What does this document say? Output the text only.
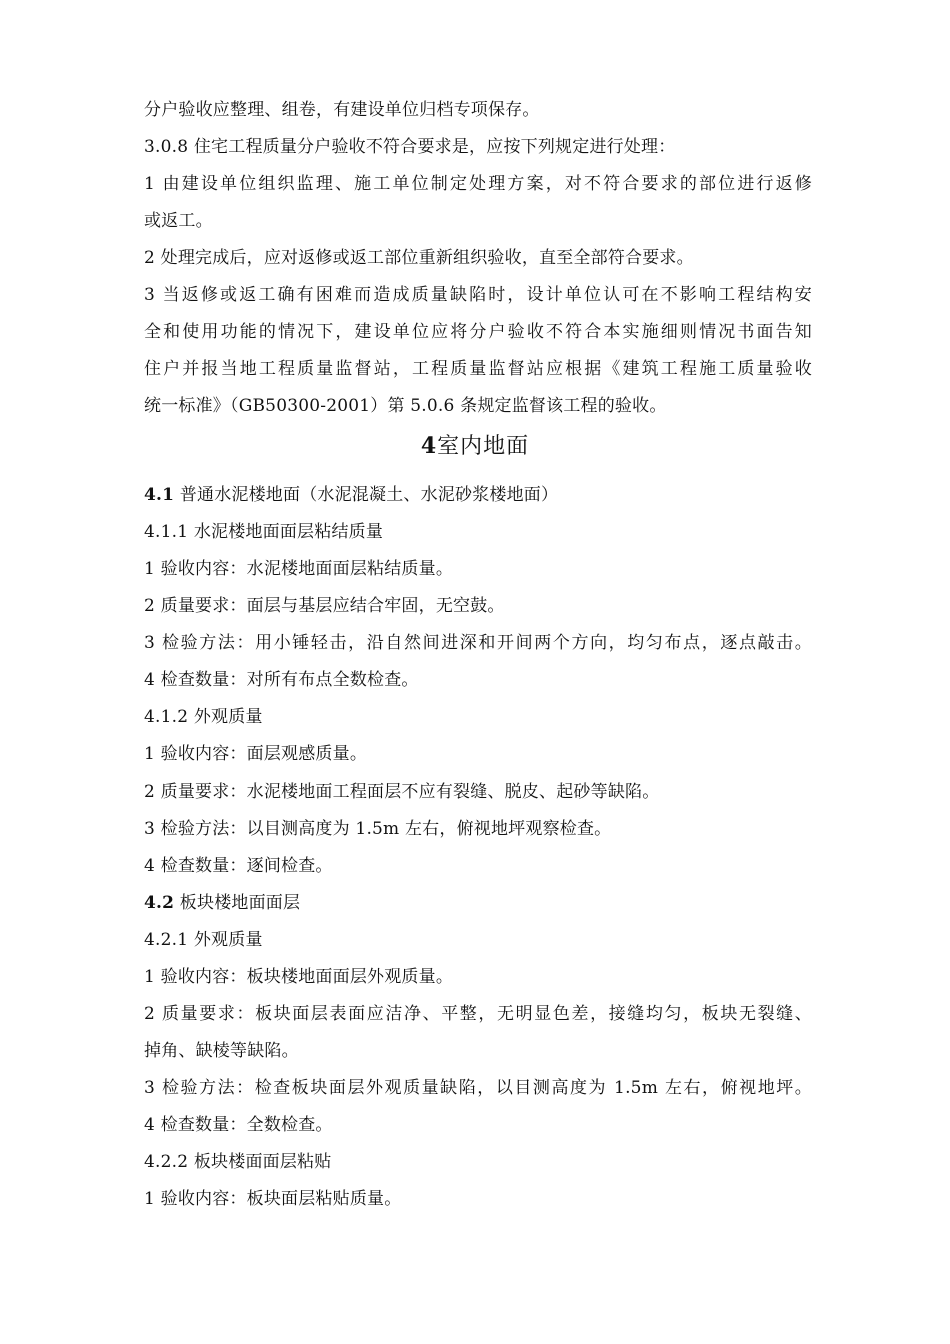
分户验收应整理、组卷，有建设单位归档专项保存。
3.0.8 住宅工程质量分户验收不符合要求是，应按下列规定进行处理：
1 由建设单位组织监理、施工单位制定处理方案，对不符合要求的部位进行返修
或返工。
2 处理完成后，应对返修或返工部位重新组织验收，直至全部符合要求。
3 当返修或返工确有困难而造成质量缺陷时，设计单位认可在不影响工程结构安
全和使用功能的情况下，建设单位应将分户验收不符合本实施细则情况书面告知
住户并报当地工程质量监督站，工程质量监督站应根据《建筑工程施工质量验收
统一标准》（GB50300-2001）第 5.0.6 条规定监督该工程的验收。
4室内地面
4.1 普通水泥楼地面（水泥混凝土、水泥砂浆楼地面）
4.1.1 水泥楼地面面层粘结质量
1 验收内容：水泥楼地面面层粘结质量。
2 质量要求：面层与基层应结合牢固，无空鼓。
3 检验方法：用小锤轻击，沿自然间进深和开间两个方向，均匀布点，逐点敲击。
4 检查数量：对所有布点全数检查。
4.1.2 外观质量
1 验收内容：面层观感质量。
2 质量要求：水泥楼地面工程面层不应有裂缝、脱皮、起砂等缺陷。
3 检验方法：以目测高度为 1.5m 左右，俯视地坪观察检查。
4 检查数量：逐间检查。
4.2 板块楼地面面层
4.2.1 外观质量
1 验收内容：板块楼地面面层外观质量。
2 质量要求：板块面层表面应洁净、平整，无明显色差，接缝均匀，板块无裂缝、
掉角、缺棱等缺陷。
3 检验方法：检查板块面层外观质量缺陷，以目测高度为 1.5m 左右，俯视地坪。
4 检查数量：全数检查。
4.2.2 板块楼面面层粘贴
1 验收内容：板块面层粘贴质量。
